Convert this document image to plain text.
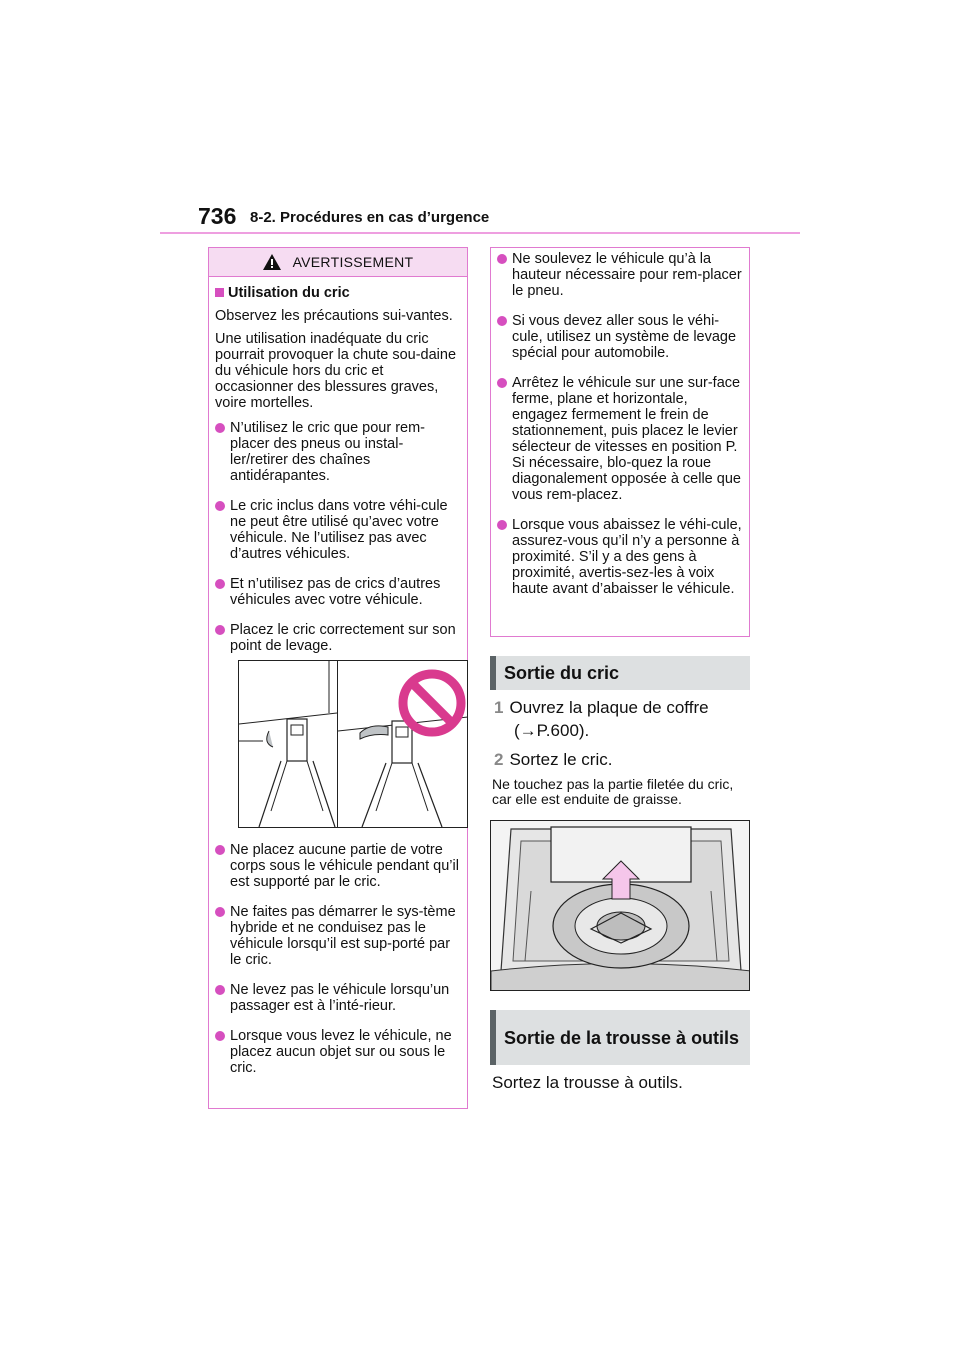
736 8-2. Procédures en cas d’urgence
AVERTISSEMENT
Utilisation du cric

Observez les précautions sui-vantes.

Une utilisation inadéquate du cric pourrait provoquer la chute sou-daine du véhicule hors du cric et occasionner des blessures graves, voire mortelles.

N’utilisez le cric que pour rem-placer des pneus ou instal-ler/retirer des chaînes antidérapantes.
Le cric inclus dans votre véhi-cule ne peut être utilisé qu’avec votre véhicule. Ne l’utilisez pas avec d’autres véhicules.
Et n’utilisez pas de crics d’autres véhicules avec votre véhicule.
Placez le cric correctement sur son point de levage.
Ne placez aucune partie de votre corps sous le véhicule pendant qu’il est supporté par le cric.
Ne faites pas démarrer le sys-tème hybride et ne conduisez pas le véhicule lorsqu’il est sup-porté par le cric.
Ne levez pas le véhicule lorsqu’un passager est à l’inté-rieur.
Lorsque vous levez le véhicule, ne placez aucun objet sur ou sous le cric.
Ne soulevez le véhicule qu’à la hauteur nécessaire pour rem-placer le pneu.
Si vous devez aller sous le véhi-cule, utilisez un système de levage spécial pour automobile.
Arrêtez le véhicule sur une sur-face ferme, plane et horizontale, engagez fermement le frein de stationnement, puis placez le levier sélecteur de vitesses en position P. Si nécessaire, blo-quez la roue diagonalement opposée à celle que vous rem-placez.
Lorsque vous abaissez le véhi-cule, assurez-vous qu’il n’y a personne à proximité. S’il y a des gens à proximité, avertis-sez-les à voix haute avant d’abaisser le véhicule.
Sortie du cric
1 Ouvrez la plaque de coffre
(→P.600).
2 Sortez le cric.
Ne touchez pas la partie filetée du cric, car elle est enduite de graisse.
Sortie de la trousse à outils
Sortez la trousse à outils.
